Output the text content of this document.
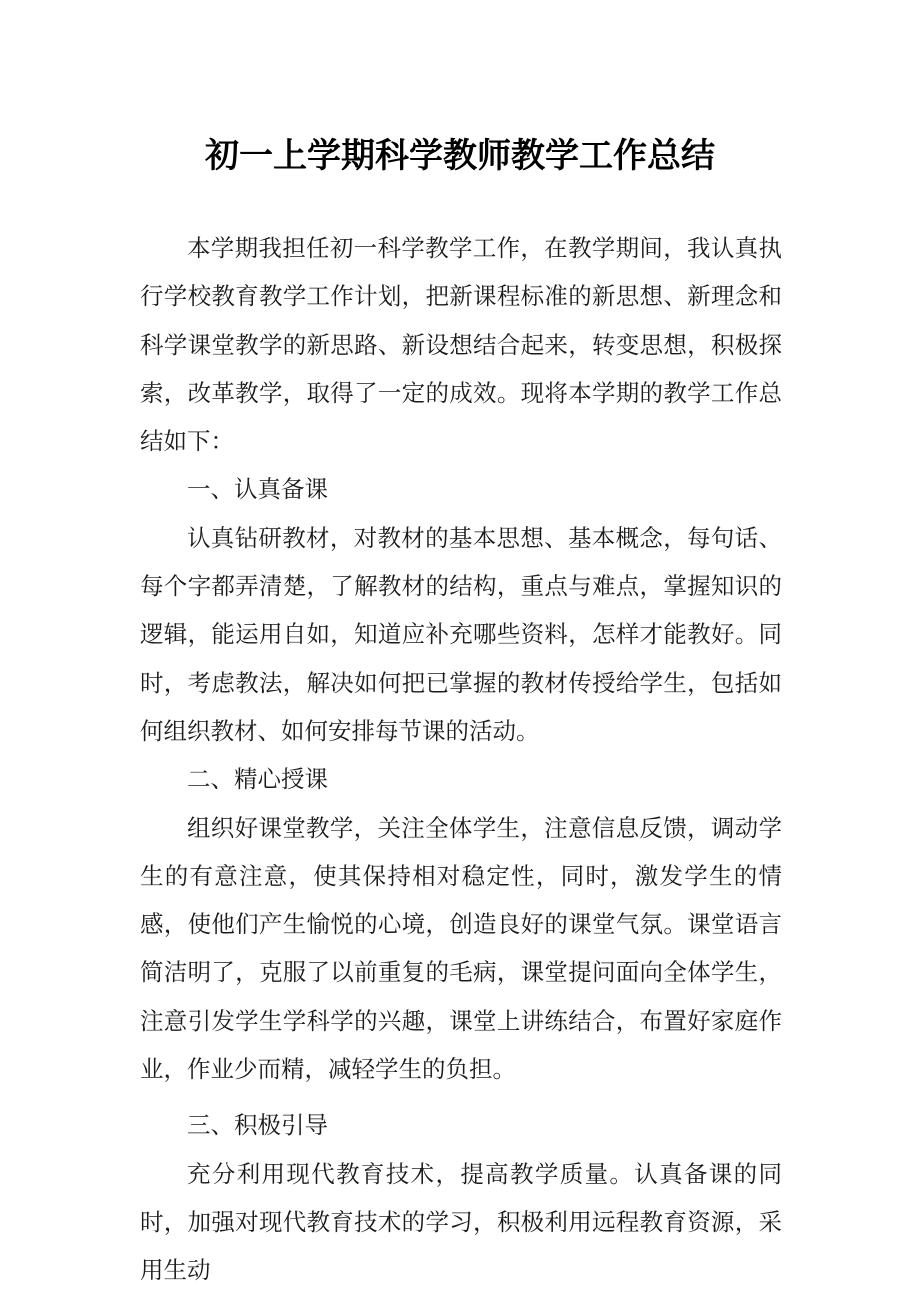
初一上学期科学教师教学工作总结

本学期我担任初一科学教学工作，在教学期间，我认真执行学校教育教学工作计划，把新课程标准的新思想、新理念和科学课堂教学的新思路、新设想结合起来，转变思想，积极探索，改革教学，取得了一定的成效。现将本学期的教学工作总结如下：

一、认真备课

认真钻研教材，对教材的基本思想、基本概念，每句话、每个字都弄清楚，了解教材的结构，重点与难点，掌握知识的逻辑，能运用自如，知道应补充哪些资料，怎样才能教好。同时，考虑教法，解决如何把已掌握的教材传授给学生，包括如何组织教材、如何安排每节课的活动。

二、精心授课

组织好课堂教学，关注全体学生，注意信息反馈，调动学生的有意注意，使其保持相对稳定性，同时，激发学生的情感，使他们产生愉悦的心境，创造良好的课堂气氛。课堂语言简洁明了，克服了以前重复的毛病，课堂提问面向全体学生，注意引发学生学科学的兴趣，课堂上讲练结合，布置好家庭作业，作业少而精，减轻学生的负担。

三、积极引导

充分利用现代教育技术，提高教学质量。认真备课的同时，加强对现代教育技术的学习，积极利用远程教育资源，采用生动
